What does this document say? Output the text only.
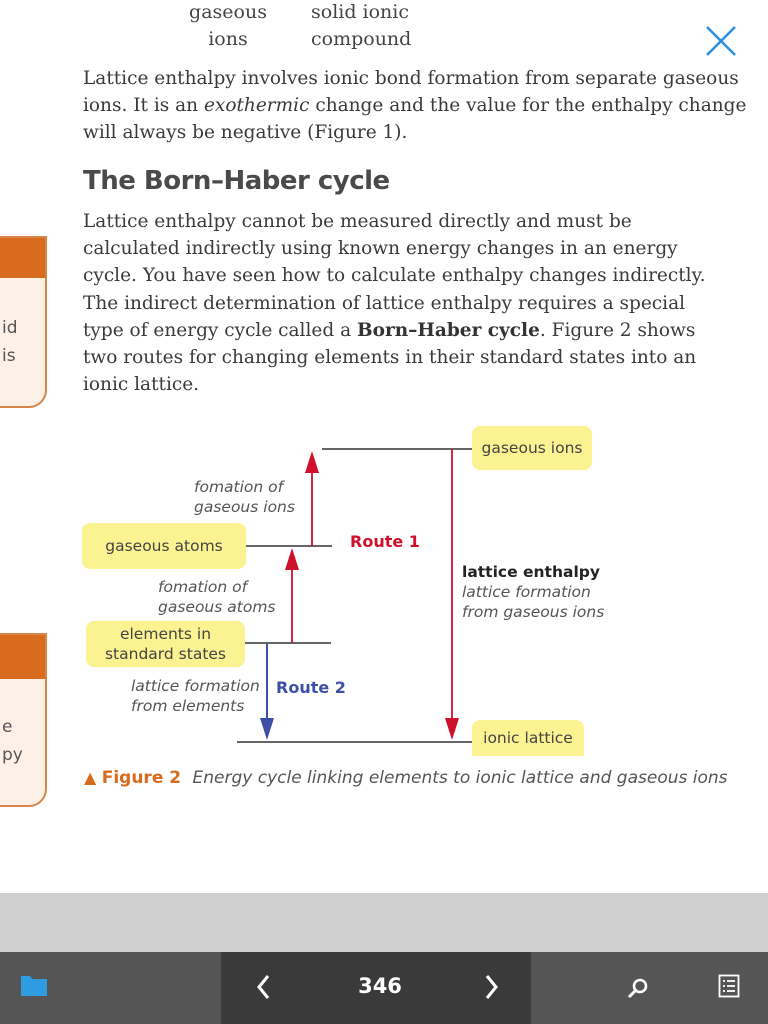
gaseous
ions
solid ionic
compound
Lattice enthalpy involves ionic bond formation from separate gaseous
ions. It is an exothermic change and the value for the enthalpy change
will always be negative (Figure 1).
The Born–Haber cycle
Lattice enthalpy cannot be measured directly and must be
calculated indirectly using known energy changes in an energy
cycle. You have seen how to calculate enthalpy changes indirectly.
The indirect determination of lattice enthalpy requires a special
type of energy cycle called a Born–Haber cycle. Figure 2 shows
two routes for changing elements in their standard states into an
ionic lattice.
id
is
e
py
gaseous ions
gaseous atoms
elements in
standard states
ionic lattice
fomation of
gaseous ions
fomation of
gaseous atoms
lattice formation
from elements
Route 1
Route 2
lattice enthalpy
lattice formation
from gaseous ions
▲ Figure 2 Energy cycle linking elements to ionic lattice and gaseous ions
346
